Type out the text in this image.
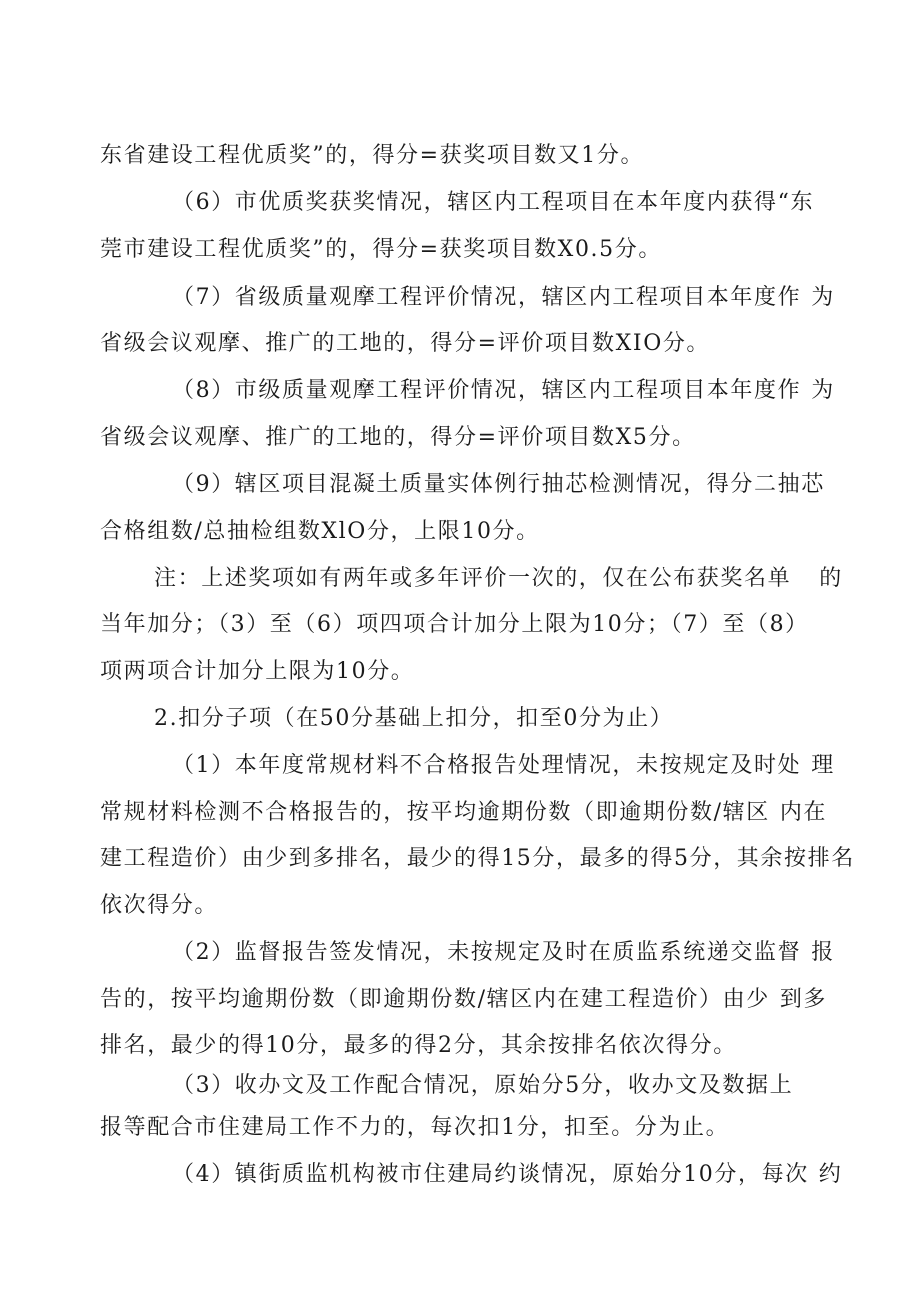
东省建设工程优质奖”的，得分=获奖项目数又1分。

（6）市优质奖获奖情况，辖区内工程项目在本年度内获得“东

莞市建设工程优质奖”的，得分=获奖项目数X0.5分。

（7）省级质量观摩工程评价情况，辖区内工程项目本年度作 为

省级会议观摩、推广的工地的，得分=评价项目数XIO分。

（8）市级质量观摩工程评价情况，辖区内工程项目本年度作 为

省级会议观摩、推广的工地的，得分=评价项目数X5分。

（9）辖区项目混凝土质量实体例行抽芯检测情况，得分二抽芯

合格组数/总抽检组数XlO分，上限10分。

注：上述奖项如有两年或多年评价一次的，仅在公布获奖名单 的

当年加分；（3）至（6）项四项合计加分上限为10分；（7）至（8）

项两项合计加分上限为10分。

2.扣分子项（在50分基础上扣分，扣至0分为止）

（1）本年度常规材料不合格报告处理情况，未按规定及时处 理

常规材料检测不合格报告的，按平均逾期份数（即逾期份数/辖区 内在

建工程造价）由少到多排名，最少的得15分，最多的得5分，其余按排名

依次得分。

（2）监督报告签发情况，未按规定及时在质监系统递交监督 报

告的，按平均逾期份数（即逾期份数/辖区内在建工程造价）由少 到多

排名，最少的得10分，最多的得2分，其余按排名依次得分。

（3）收办文及工作配合情况，原始分5分，收办文及数据上

报等配合市住建局工作不力的，每次扣1分，扣至。分为止。

（4）镇街质监机构被市住建局约谈情况，原始分10分，每次 约
